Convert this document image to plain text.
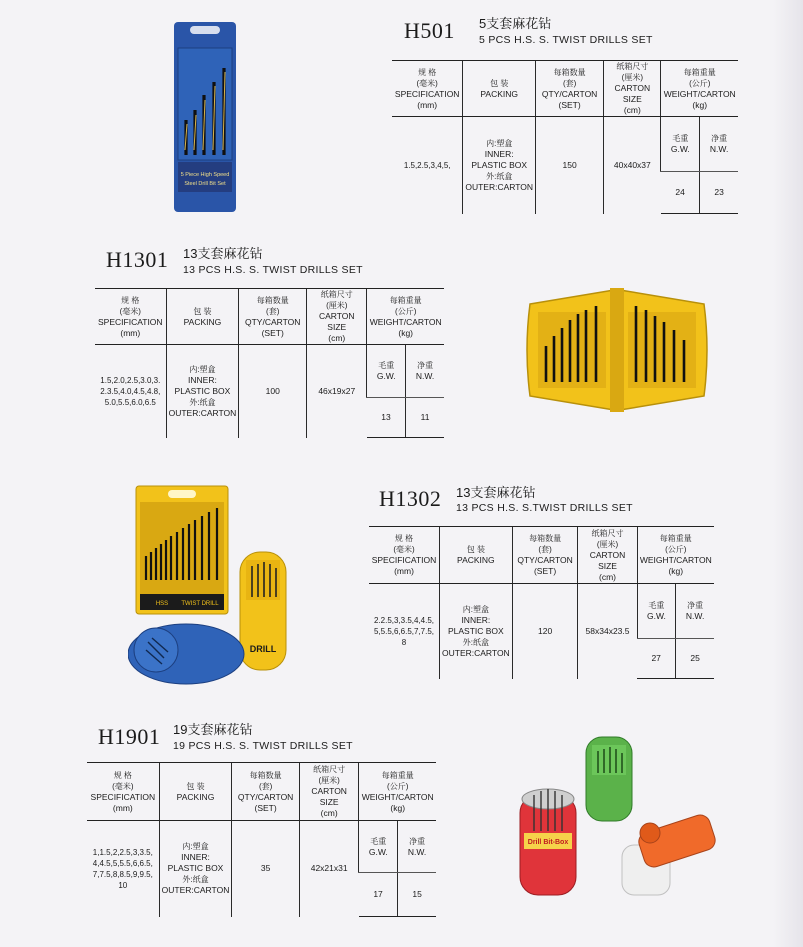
5 Piece High Speed
Steel Drill Bit Set
H501 5支套麻花钻
5 PCS H.S. S. TWIST DRILLS SET
规 格
(毫米)
SPECIFICATION
(mm)	包 装
PACKING	每箱数量
(套)
QTY/CARTON
(SET)	纸箱尺寸
(厘米)
CARTON SIZE
(cm)	每箱重量
(公斤)
WEIGHT/CARTON
(kg)	
1.5,2.5,3,4,5,	内:塑盒
INNER:
PLASTIC BOX
外:纸盒
OUTER:CARTON	150	40x40x37	毛重
G.W.	净重
N.W.
				24	23
H1301 13支套麻花钻
13 PCS H.S. S. TWIST DRILLS SET
规 格
(毫米)
SPECIFICATION
(mm)	包 装
PACKING	每箱数量
(套)
QTY/CARTON
(SET)	纸箱尺寸
(厘米)
CARTON SIZE
(cm)	每箱重量
(公斤)
WEIGHT/CARTON
(kg)	
1.5,2.0,2.5,3.0,3.
2.3.5,4.0,4.5,4.8,
5.0,5.5,6.0,6.5	内:塑盒
INNER:
PLASTIC BOX
外:纸盒
OUTER:CARTON	100	46x19x27	毛重
G.W.	净重
N.W.
				13	11
HSS TWIST DRILL
DRILL
H1302 13支套麻花钻
13 PCS H.S. S.TWIST DRILLS SET
规 格
(毫米)
SPECIFICATION
(mm)	包 装
PACKING	每箱数量
(套)
QTY/CARTON
(SET)	纸箱尺寸
(厘米)
CARTON SIZE
(cm)	每箱重量
(公斤)
WEIGHT/CARTON
(kg)	
2.2.5,3,3.5,4,4.5,
5,5.5,6,6.5,7,7.5,
8	内:塑盒
INNER:
PLASTIC BOX
外:纸盒
OUTER:CARTON	120	58x34x23.5	毛重
G.W.	净重
N.W.
				27	25
H1901 19支套麻花钻
19 PCS H.S. S. TWIST DRILLS SET
规 格
(毫米)
SPECIFICATION
(mm)	包 装
PACKING	每箱数量
(套)
QTY/CARTON
(SET)	纸箱尺寸
(厘米)
CARTON SIZE
(cm)	每箱重量
(公斤)
WEIGHT/CARTON
(kg)	
1,1.5,2,2.5,3,3.5,
4,4.5,5,5.5,6,6.5,
7,7.5,8,8.5,9,9.5,
10	内:塑盒
INNER:
PLASTIC BOX
外:纸盒
OUTER:CARTON	35	42x21x31	毛重
G.W.	净重
N.W.
				17	15
Drill Bit-Box
